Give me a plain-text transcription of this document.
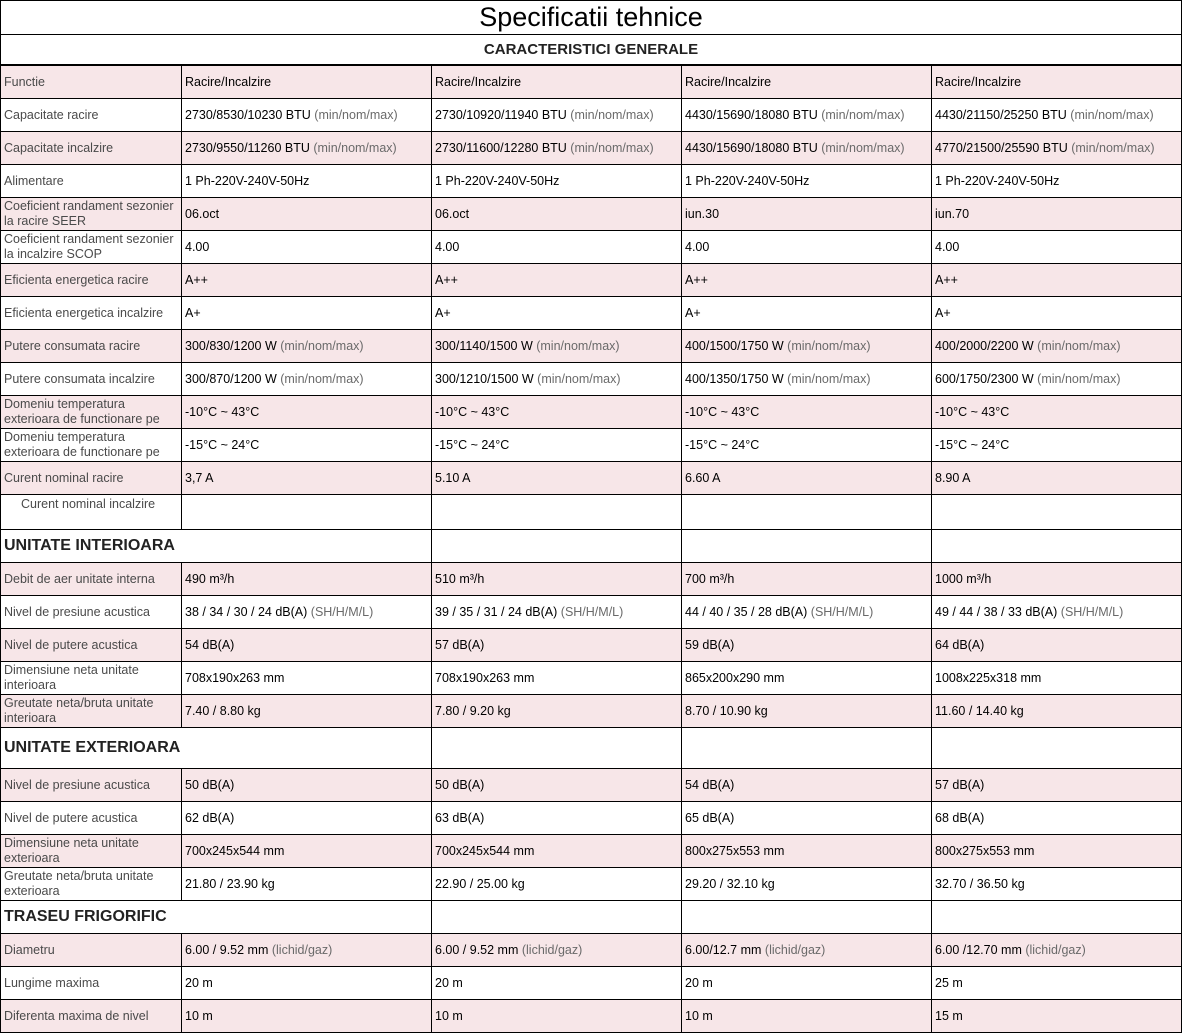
Specificatii tehnice				
CARACTERISTICI GENERALE				
Functie	Racire/Incalzire	Racire/Incalzire	Racire/Incalzire	Racire/Incalzire
Capacitate racire	2730/8530/10230 BTU (min/nom/max)	2730/10920/11940 BTU (min/nom/max)	4430/15690/18080 BTU (min/nom/max)	4430/21150/25250 BTU (min/nom/max)
Capacitate incalzire	2730/9550/11260 BTU (min/nom/max)	2730/11600/12280 BTU (min/nom/max)	4430/15690/18080 BTU (min/nom/max)	4770/21500/25590 BTU (min/nom/max)
Alimentare	1 Ph-220V-240V-50Hz	1 Ph-220V-240V-50Hz	1 Ph-220V-240V-50Hz	1 Ph-220V-240V-50Hz
Coeficient randament sezonier la racire SEER	06.oct	06.oct	iun.30	iun.70
Coeficient randament sezonier la incalzire SCOP	4.00	4.00	4.00	4.00
Eficienta energetica racire	A++	A++	A++	A++
Eficienta energetica incalzire	A+	A+	A+	A+
Putere consumata racire	300/830/1200 W (min/nom/max)	300/1140/1500 W (min/nom/max)	400/1500/1750 W (min/nom/max)	400/2000/2200 W (min/nom/max)
Putere consumata incalzire	300/870/1200 W (min/nom/max)	300/1210/1500 W (min/nom/max)	400/1350/1750 W (min/nom/max)	600/1750/2300 W (min/nom/max)
Domeniu temperatura exterioara de functionare pe	-10°C ~ 43°C	-10°C ~ 43°C	-10°C ~ 43°C	-10°C ~ 43°C
Domeniu temperatura exterioara de functionare pe	-15°C ~ 24°C	-15°C ~ 24°C	-15°C ~ 24°C	-15°C ~ 24°C
Curent nominal racire	3,7 A	5.10 A	6.60 A	8.90 A
Curent nominal incalzire				
UNITATE INTERIOARA				
Debit de aer unitate interna	490 m³/h	510 m³/h	700 m³/h	1000 m³/h
Nivel de presiune acustica	38 / 34 / 30 / 24 dB(A) (SH/H/M/L)	39 / 35 / 31 / 24 dB(A) (SH/H/M/L)	44 / 40 / 35 / 28 dB(A) (SH/H/M/L)	49 / 44 / 38 / 33 dB(A) (SH/H/M/L)
Nivel de putere acustica	54 dB(A)	57 dB(A)	59 dB(A)	64 dB(A)
Dimensiune neta unitate interioara	708x190x263 mm	708x190x263 mm	865x200x290 mm	1008x225x318 mm
Greutate neta/bruta unitate interioara	7.40 / 8.80 kg	7.80 / 9.20 kg	8.70 / 10.90 kg	11.60 / 14.40 kg
UNITATE EXTERIOARA				
Nivel de presiune acustica	50 dB(A)	50 dB(A)	54 dB(A)	57 dB(A)
Nivel de putere acustica	62 dB(A)	63 dB(A)	65 dB(A)	68 dB(A)
Dimensiune neta unitate exterioara	700x245x544 mm	700x245x544 mm	800x275x553 mm	800x275x553 mm
Greutate neta/bruta unitate exterioara	21.80 / 23.90 kg	22.90 / 25.00 kg	29.20 / 32.10 kg	32.70 / 36.50 kg
TRASEU FRIGORIFIC				
Diametru	6.00 / 9.52 mm (lichid/gaz)	6.00 / 9.52 mm (lichid/gaz)	6.00/12.7 mm (lichid/gaz)	6.00 /12.70 mm (lichid/gaz)
Lungime maxima	20 m	20 m	20 m	25 m
Diferenta maxima de nivel	10 m	10 m	10 m	15 m
